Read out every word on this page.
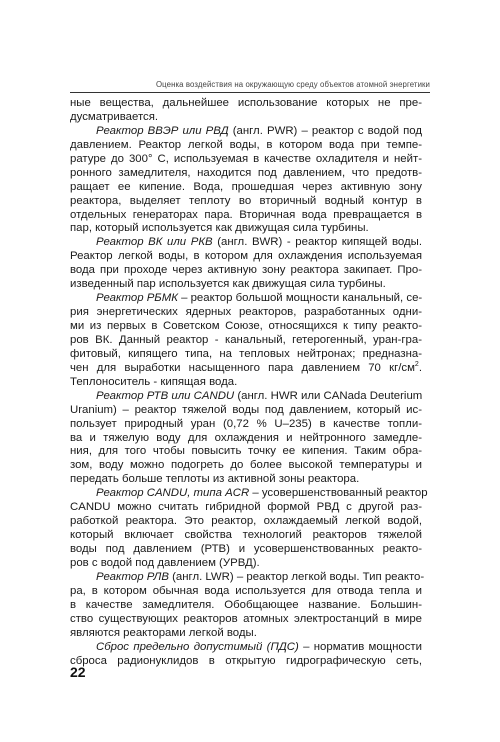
Оценка воздействия на окружающую среду объектов атомной энергетики
ные вещества, дальнейшее использование которых не пре-
дусматривается.
Реактор ВВЭР или РВД (англ. PWR) – реактор с водой под
давлением. Реактор легкой воды, в котором вода при темпе-
ратуре до 300° С, используемая в качестве охладителя и нейт-
ронного замедлителя, находится под давлением, что предотв-
ращает ее кипение. Вода, прошедшая через активную зону
реактора, выделяет теплоту во вторичный водный контур в
отдельных генераторах пара. Вторичная вода превращается в
пар, который используется как движущая сила турбины.
Реактор ВК или РКВ (англ. BWR) - реактор кипящей воды.
Реактор легкой воды, в котором для охлаждения используемая
вода при проходе через активную зону реактора закипает. Про-
изведенный пар используется как движущая сила турбины.
Реактор РБМК – реактор большой мощности канальный, се-
рия энергетических ядерных реакторов, разработанных одни-
ми из первых в Советском Союзе, относящихся к типу реакто-
ров ВК. Данный реактор - канальный, гетерогенный, уран-гра-
фитовый, кипящего типа, на тепловых нейтронах; предназна-
чен для выработки насыщенного пара давлением 70 $кг/см^2$.
Теплоноситель - кипящая вода.
Реактор РТВ или CANDU (англ. HWR или CANada Deuterium
Uranium) – реактор тяжелой воды под давлением, который ис-
пользует природный уран (0,72 % U–235) в качестве топли-
ва и тяжелую воду для охлаждения и нейтронного замедле-
ния, для того чтобы повысить точку ее кипения. Таким обра-
зом, воду можно подогреть до более высокой температуры и
передать больше теплоты из активной зоны реактора.
Реактор CANDU, типа ACR – усовершенствованный реактор
CANDU можно считать гибридной формой РВД с другой раз-
работкой реактора. Это реактор, охлаждаемый легкой водой,
который включает свойства технологий реакторов тяжелой
воды под давлением (РТВ) и усовершенствованных реакто-
ров с водой под давлением (УРВД).
Реактор РЛВ (англ. LWR) – реактор легкой воды. Тип реакто-
ра, в котором обычная вода используется для отвода тепла и
в качестве замедлителя. Обобщающее название. Большин-
ство существующих реакторов атомных электростанций в мире
являются реакторами легкой воды.
Сброс предельно допустимый (ПДС) – норматив мощности
сброса радионуклидов в открытую гидрографическую сеть,
22
